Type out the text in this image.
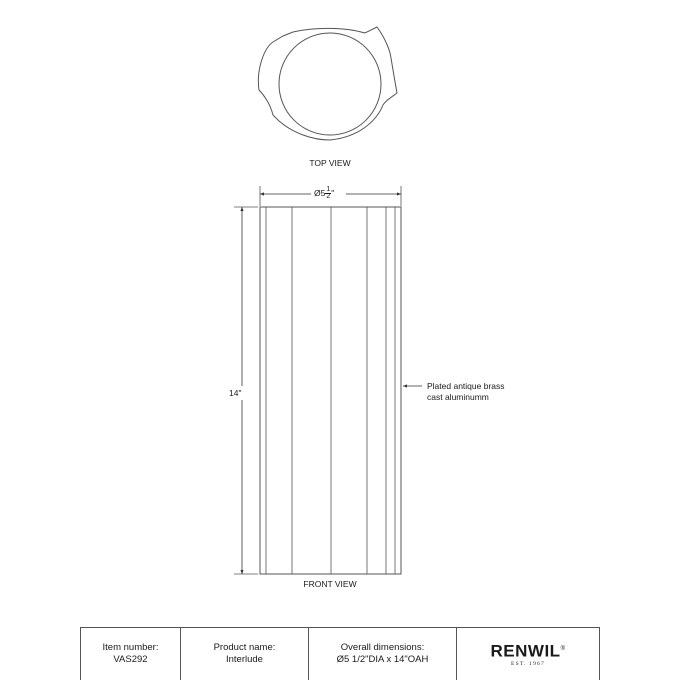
TOP VIEW
Ø5 $\frac{1}{2}$ "
14"
Plated antique brass
cast aluminumm
FRONT VIEW
Item number:
VAS292
Product name:
Interlude
Overall dimensions:
Ø5 1/2"DIA x 14"OAH	RENWIL®
EST. 1967
